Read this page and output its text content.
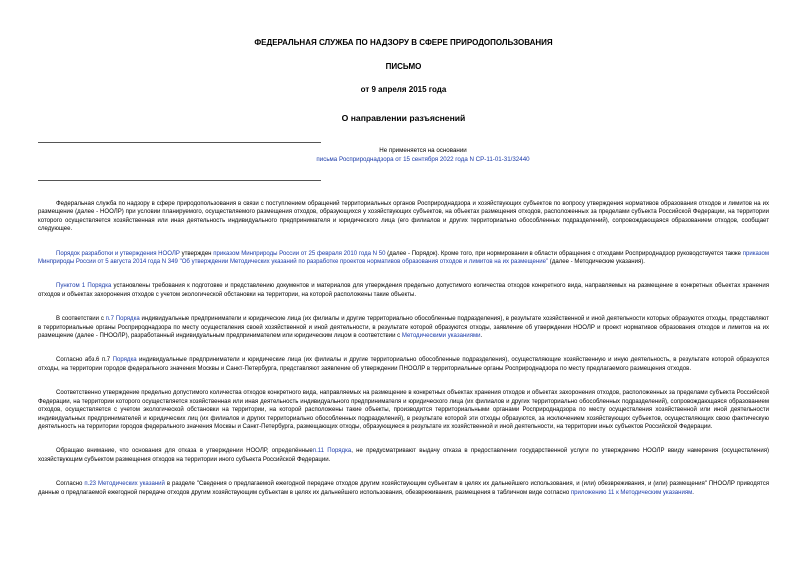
ФЕДЕРАЛЬНАЯ СЛУЖБА ПО НАДЗОРУ В СФЕРЕ ПРИРОДОПОЛЬЗОВАНИЯ
ПИСЬМО
от 9 апреля 2015 года
О направлении разъяснений
Не применяется на основании
письма Росприроднадзора от 15 сентября 2022 года N СР-11-01-31/32440

Федеральная служба по надзору в сфере природопользования в связи с поступлением обращений территориальных органов Росприроднадзора и хозяйствующих субъектов по вопросу утверждения нормативов образования отходов и лимитов на их размещение (далее - НООЛР) при условии планируемого, осуществляемого размещения отходов, образующихся у хозяйствующих субъектов, на объектах размещения отходов, расположенных за пределами субъекта Российской Федерации, на территории которого осуществляется хозяйственная или иная деятельность индивидуального предпринимателя и юридического лица (его филиалов и других территориально обособленных подразделений), сопровождающаяся образованием отходов, сообщает следующее.

Порядок разработки и утверждения НООЛР утвержден приказом Минприроды России от 25 февраля 2010 года N 50 (далее - Порядок). Кроме того, при нормировании в области обращения с отходами Росприроднадзор руководствуется также приказом Минприроды России от 5 августа 2014 года N 349 "Об утверждении Методических указаний по разработке проектов нормативов образования отходов и лимитов на их размещение" (далее - Методические указания).

Пунктом 1 Порядка установлены требования к подготовке и представлению документов и материалов для утверждения предельно допустимого количества отходов конкретного вида, направляемых на размещение в конкретных объектах хранения отходов и объектах захоронения отходов с учетом экологической обстановки на территории, на которой расположены такие объекты.

В соответствии с п.7 Порядка индивидуальные предприниматели и юридические лица (их филиалы и другие территориально обособленные подразделения), в результате хозяйственной и иной деятельности которых образуются отходы, представляют в территориальные органы Росприроднадзора по месту осуществления своей хозяйственной и иной деятельности, в результате которой образуются отходы, заявление об утверждении НООЛР и проект нормативов образования отходов и лимитов на их размещение (далее - ПНООЛР), разработанный индивидуальным предпринимателем или юридическим лицом в соответствии с Методическими указаниями.

Согласно абз.6 п.7 Порядка индивидуальные предприниматели и юридические лица (их филиалы и другие территориально обособленные подразделения), осуществляющие хозяйственную и иную деятельность, в результате которой образуются отходы, на территории городов федерального значения Москвы и Санкт-Петербурга, представляют заявление об утверждении ПНООЛР в территориальные органы Росприроднадзора по месту предлагаемого размещения отходов.

Соответственно утверждение предельно допустимого количества отходов конкретного вида, направляемых на размещение в конкретных объектах хранения отходов и объектах захоронения отходов, расположенных за пределами субъекта Российской Федерации, на территории которого осуществляется хозяйственная или иная деятельность индивидуального предпринимателя и юридического лица (их филиалов и других территориально обособленных подразделений), сопровождающаяся образованием отходов, осуществляется с учетом экологической обстановки на территории, на которой расположены такие объекты, производится территориальными органами Росприроднадзора по месту осуществления хозяйственной или иной деятельности индивидуальных предпринимателей и юридических лиц (их филиалов и других территориально обособленных подразделений), в результате которой эти отходы образуются, за исключением хозяйствующих субъектов, осуществляющих свою фактическую деятельность на территории городов федерального значения Москвы и Санкт-Петербурга, размещающих отходы, образующиеся в результате их хозяйственной и иной деятельности, на территории иных субъектов Российской Федерации.

Обращаю внимание, что основания для отказа в утверждении НООЛР, определённыеп.11 Порядка, не предусматривают выдачу отказа в предоставлении государственной услуги по утверждению НООЛР ввиду намерения (осуществления) хозяйствующим субъектом размещения отходов на территории иного субъекта Российской Федерации.

Согласно п.23 Методических указаний в разделе "Сведения о предлагаемой ежегодной передаче отходов другим хозяйствующим субъектам в целях их дальнейшего использования, и (или) обезвреживания, и (или) размещения" ПНООЛР приводятся данные о предлагаемой ежегодной передаче отходов другим хозяйствующим субъектам в целях их дальнейшего использования, обезвреживания, размещения в табличном виде согласно приложению 11 к Методическим указаниям.
